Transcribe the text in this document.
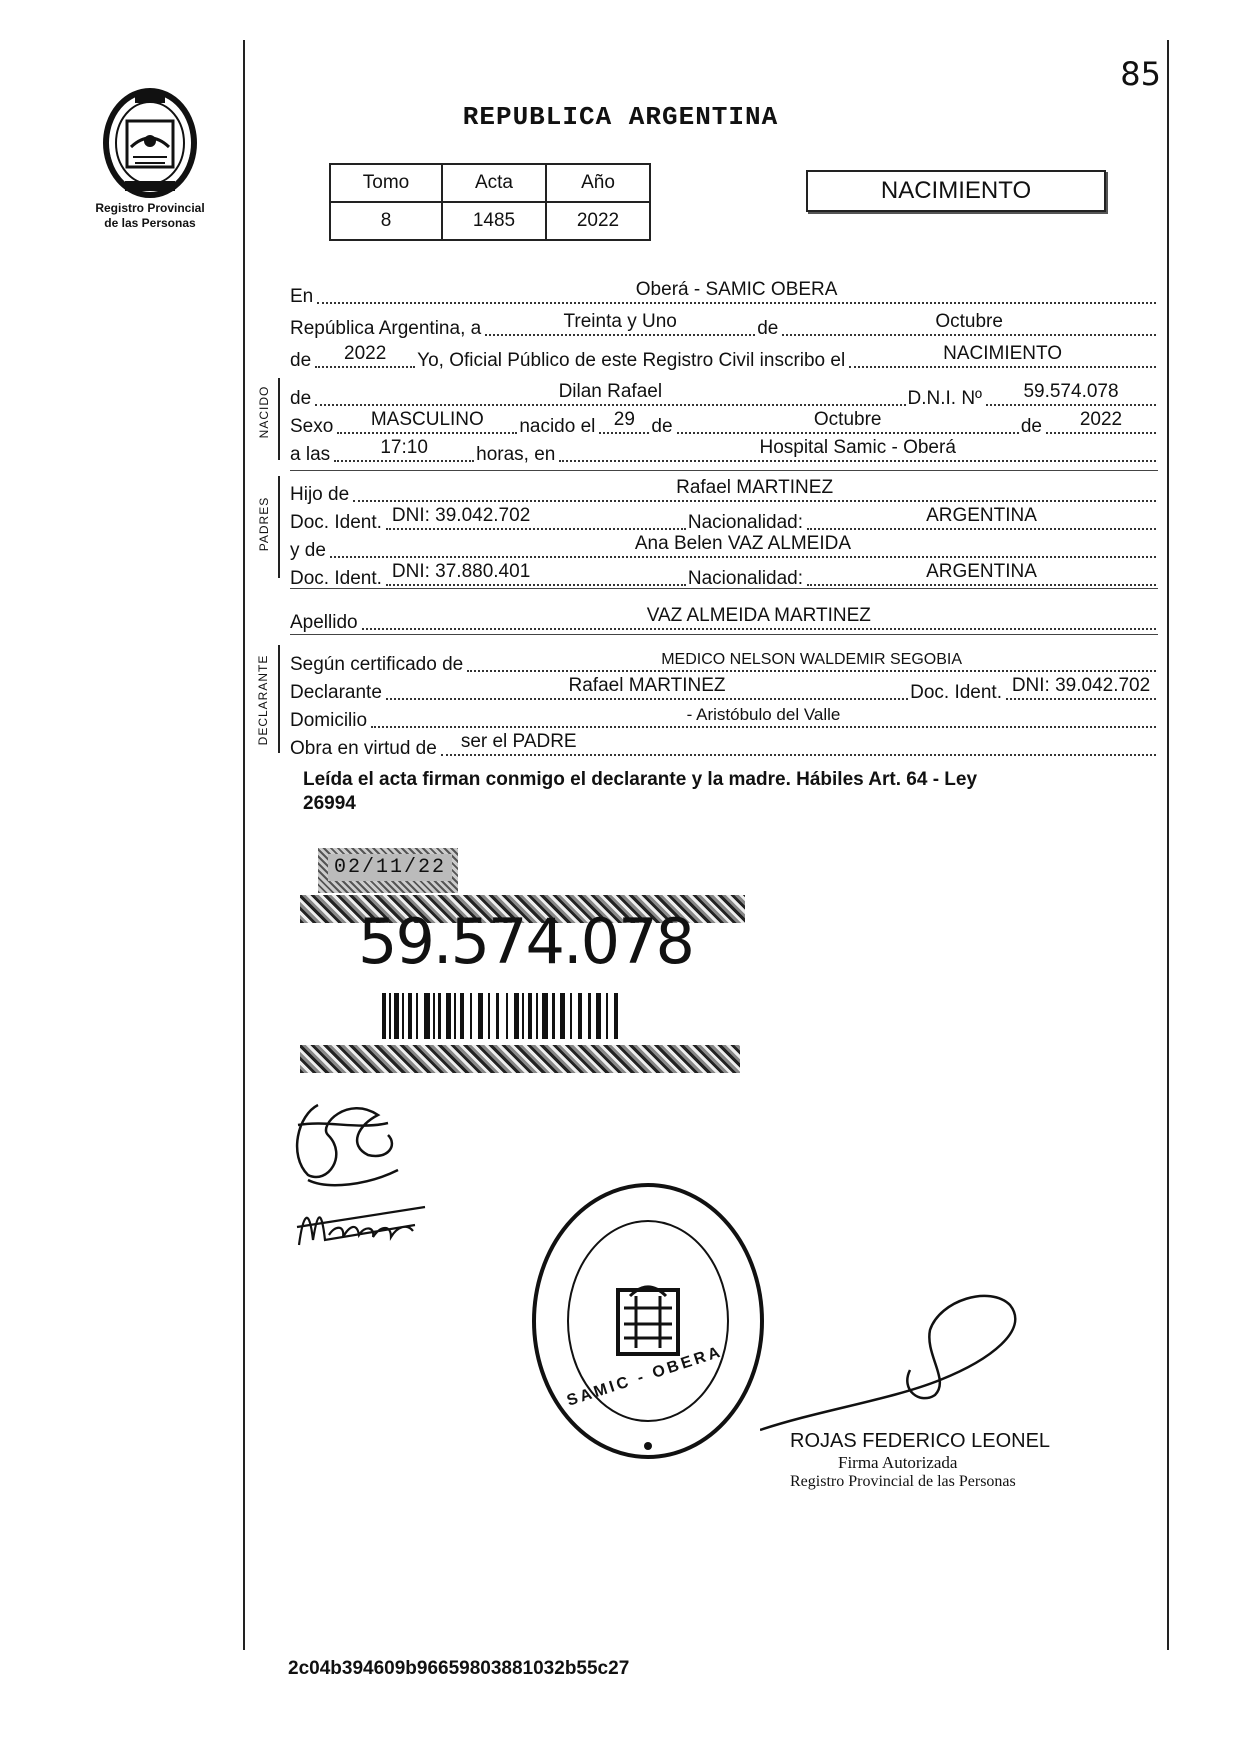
Registro Provincial
de las Personas
85
REPUBLICA ARGENTINA
Tomo	Acta	Año
8	1485	2022
NACIMIENTO
NACIDO
PADRES
DECLARANTE
En	Oberá - SAMIC OBERA
República Argentina, a	Treinta y Uno	de	Octubre
de	2022	Yo, Oficial Público de este Registro Civil inscribo el	NACIMIENTO
de	Dilan Rafael	D.N.I. Nº	59.574.078
Sexo	MASCULINO	nacido el 29 de	Octubre	de	2022
a las	17:10	horas, en	Hospital Samic - Oberá
Hijo de	Rafael MARTINEZ
Doc. Ident. DNI: 39.042.702	Nacionalidad:	ARGENTINA
y de	Ana Belen VAZ ALMEIDA
Doc. Ident. DNI: 37.880.401	Nacionalidad:	ARGENTINA
Apellido	VAZ ALMEIDA MARTINEZ
Según certificado de	MEDICO NELSON WALDEMIR SEGOBIA
Declarante	Rafael MARTINEZ	Doc. Ident. DNI: 39.042.702
Domicilio	- Aristóbulo del Valle
Obra en virtud de	ser el PADRE
Leída el acta firman conmigo el declarante y la madre. Hábiles Art. 64 - Ley
26994
02/11/22
59.574.078
SAMIC - OBERA
ROJAS FEDERICO LEONEL
Firma Autorizada
Registro Provincial de las Personas
2c04b394609b96659803881032b55c27
